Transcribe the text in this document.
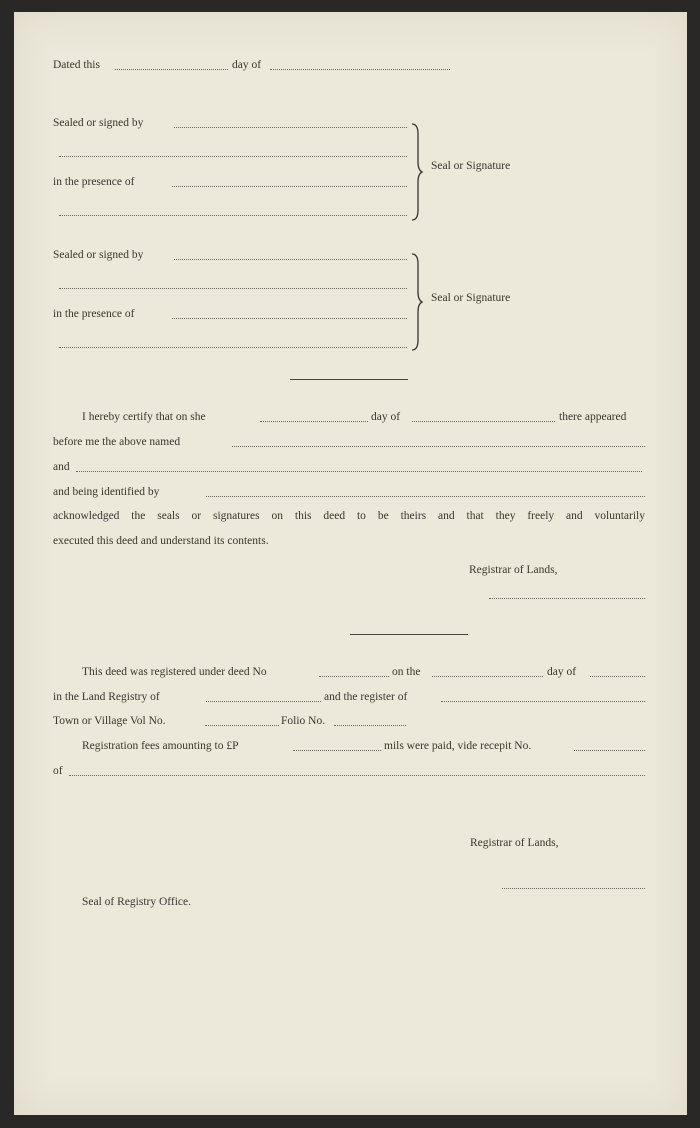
Dated this	day of
Sealed or signed by
in the presence of
Seal or Signature
Sealed or signed by
in the presence of
Seal or Signature
I hereby certify that on she	day of	there appeared
before me the above named
and
and being identified by
acknowledged the seals or signatures on this deed to be theirs and that they freely and voluntarily
executed this deed and understand its contents.
Registrar of Lands,
This deed was registered under deed No	on the	day of
in the Land Registry of	and the register of
Town or Village Vol No.	Folio No.
Registration fees amounting to £P	mils were paid, vide recepit No.
of
Registrar of Lands,
Seal of Registry Office.
